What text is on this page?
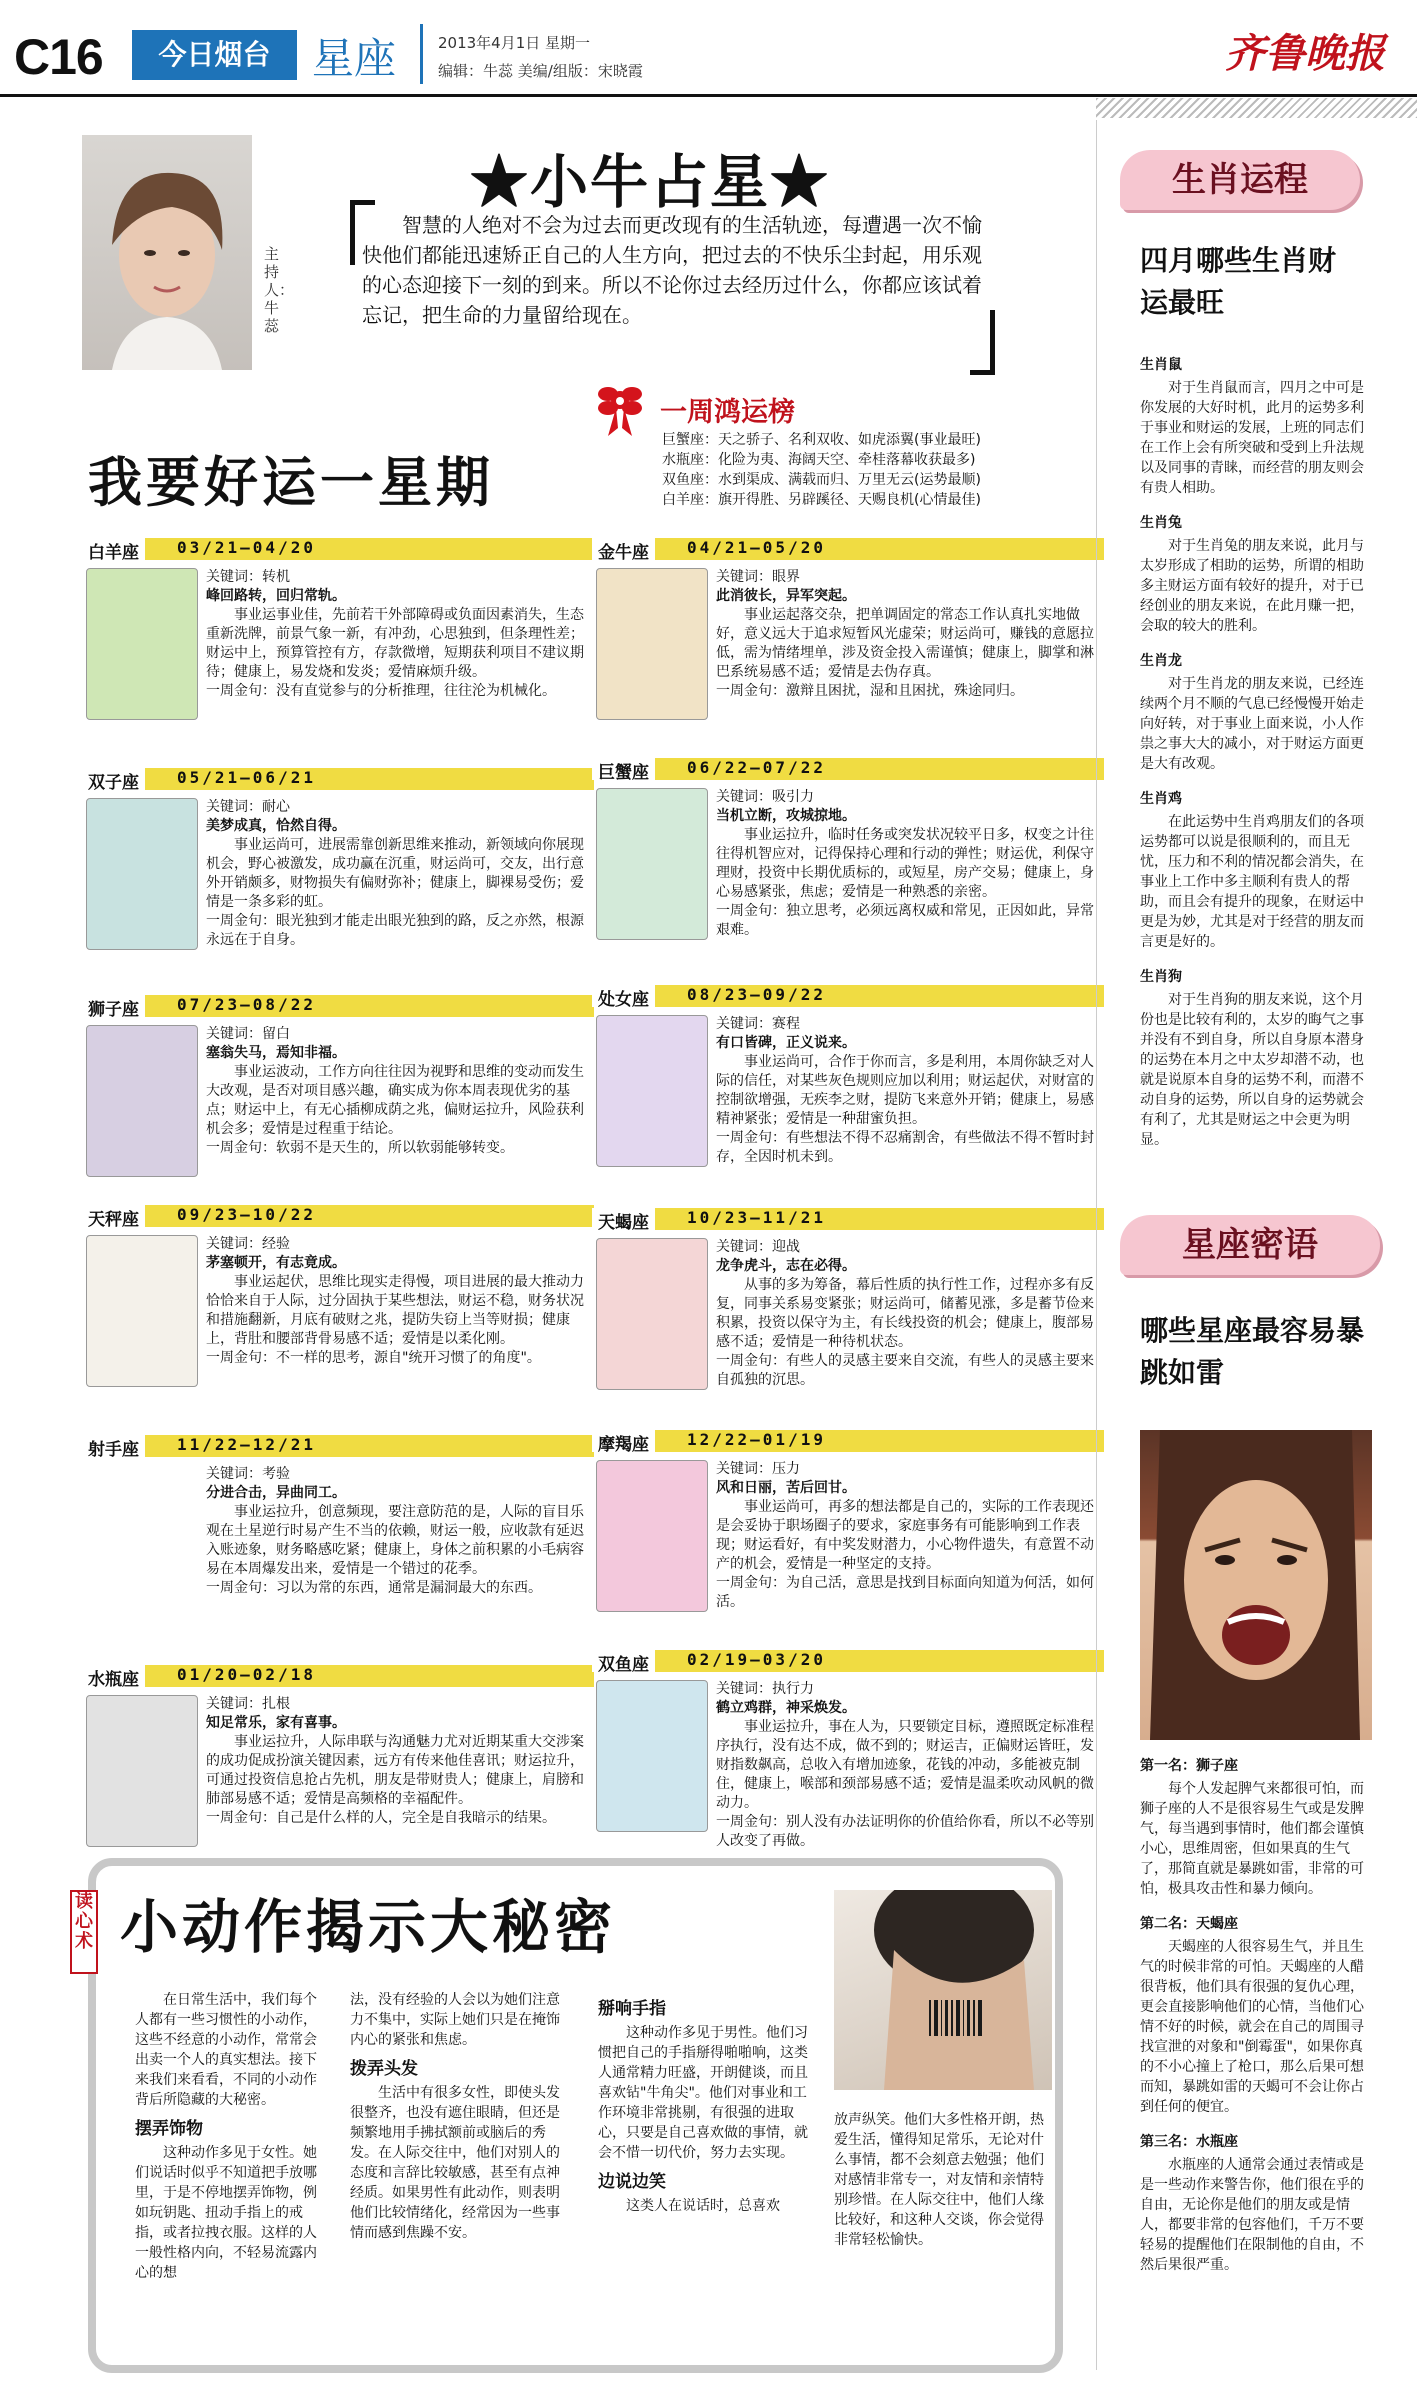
C16	今日烟台 星座	2013年4月1日 星期一
编辑：牛蕊 美编/组版：宋晓霞	齐鲁晚报
主持人：牛蕊
★小牛占星★
智慧的人绝对不会为过去而更改现有的生活轨迹，每遭遇一次不愉快他们都能迅速矫正自己的人生方向，把过去的不快乐尘封起，用乐观的心态迎接下一刻的到来。所以不论你过去经历过什么，你都应该试着忘记，把生命的力量留给现在。
一周鸿运榜
巨蟹座：天之骄子、名利双收、如虎添翼(事业最旺)
水瓶座：化险为夷、海阔天空、牵桂落幕收获最多)
双鱼座：水到渠成、满载而归、万里无云(运势最顺)
白羊座：旗开得胜、另辟蹊径、天赐良机(心情最佳)
我要好运一星期
白羊座	03/21—04/20

关键词：转机

峰回路转，回归常轨。

事业运事业佳，先前若干外部障碍或负面因素消失，生态重新洗牌，前景气象一新，有冲劲，心思独到，但条理性差；财运中上，预算管控有方，存款微增，短期获利项目不建议期待；健康上，易发烧和发炎；爱情麻烦升级。

一周金句：没有直觉参与的分析推理，往往沦为机械化。

双子座	05/21—06/21

关键词：耐心

美梦成真，恰然自得。

事业运尚可，进展需靠创新思维来推动，新领域向你展现机会，野心被激发，成功赢在沉重，财运尚可，交友，出行意外开销颇多，财物损失有偏财弥补；健康上，脚裸易受伤；爱情是一条多彩的虹。

一周金句：眼光独到才能走出眼光独到的路，反之亦然，根源永远在于自身。

狮子座	07/23—08/22

关键词：留白

塞翁失马，焉知非福。

事业运波动，工作方向往往因为视野和思维的变动而发生大改观，是否对项目感兴趣，确实成为你本周表现优劣的基点；财运中上，有无心插柳成荫之兆，偏财运拉升，风险获利机会多；爱情是过程重于结论。

一周金句：软弱不是天生的，所以软弱能够转变。

天秤座	09/23—10/22

关键词：经验

茅塞顿开，有志竟成。

事业运起伏，思维比现实走得慢，项目进展的最大推动力恰恰来自于人际，过分固执于某些想法，财运不稳，财务状况和措施翻新，月底有破财之兆，提防失窃上当等财损；健康上，背肚和腰部背骨易感不适；爱情是以柔化刚。

一周金句：不一样的思考，源自"统开习惯了的角度"。

射手座	11/22—12/21

关键词：考验

分进合击，异曲同工。

事业运拉升，创意频现，要注意防范的是，人际的盲目乐观在土星逆行时易产生不当的依赖，财运一般，应收款有延迟入账迹象，财务略感吃紧；健康上，身体之前积累的小毛病容易在本周爆发出来，爱情是一个错过的花季。

一周金句：习以为常的东西，通常是漏洞最大的东西。

水瓶座	01/20—02/18

关键词：扎根

知足常乐，家有喜事。

事业运拉升，人际串联与沟通魅力尤对近期某重大交涉案的成功促成扮演关键因素，远方有传来他佳喜讯；财运拉升，可通过投资信息抢占先机，朋友是带财贵人；健康上，肩膀和肺部易感不适；爱情是高频格的幸福配件。

一周金句：自己是什么样的人，完全是自我暗示的结果。

金牛座	04/21—05/20

关键词：眼界

此消彼长，异军突起。

事业运起落交杂，把单调固定的常态工作认真扎实地做好，意义远大于追求短暂风光虚荣；财运尚可，赚钱的意愿拉低，需为情绪埋单，涉及资金投入需谨慎；健康上，脚掌和淋巴系统易感不适；爱情是去伪存真。

一周金句：激辩且困扰，湿和且困扰，殊途同归。

巨蟹座	06/22—07/22

关键词：吸引力

当机立断，攻城掠地。

事业运拉升，临时任务或突发状况较平日多，权变之计往往得机智应对，记得保持心理和行动的弹性；财运优，利保守理财，投资中长期优质标的，或短星，房产交易；健康上，身心易感紧张，焦虑；爱情是一种熟悉的亲密。

一周金句：独立思考，必须远离权威和常见，正因如此，异常艰难。

处女座	08/23—09/22

关键词：赛程

有口皆碑，正义说来。

事业运尚可，合作于你而言，多是利用，本周你缺乏对人际的信任，对某些灰色规则应加以利用；财运起伏，对财富的控制欲增强，无疾李之财，提防飞来意外开销；健康上，易感精神紧张；爱情是一种甜蜜负担。

一周金句：有些想法不得不忍痛割舍，有些做法不得不暂时封存，全因时机未到。

天蝎座	10/23—11/21

关键词：迎战

龙争虎斗，志在必得。

从事的多为筹备，幕后性质的执行性工作，过程亦多有反复，同事关系易变紧张；财运尚可，储蓄见涨，多是蓄节俭来积累，投资以保守为主，有长线投资的机会；健康上，腹部易感不适；爱情是一种待机状态。

一周金句：有些人的灵感主要来自交流，有些人的灵感主要来自孤独的沉思。

摩羯座	12/22—01/19

关键词：压力

风和日丽，苦后回甘。

事业运尚可，再多的想法都是自己的，实际的工作表现还是会妥协于职场圈子的要求，家庭事务有可能影响到工作表现；财运看好，有中奖发财潜力，小心物件遗失，有意置不动产的机会，爱情是一种坚定的支持。

一周金句：为自己活，意思是找到目标面向知道为何活，如何活。

双鱼座	02/19—03/20

关键词：执行力

鹤立鸡群，神采焕发。

事业运拉升，事在人为，只要锁定目标，遵照既定标准程序执行，没有达不成，做不到的；财运吉，正偏财运皆旺，发财指数飙高，总收入有增加迹象，花钱的冲动，多能被克制住，健康上，喉部和颈部易感不适；爱情是温柔吹动风帆的微动力。

一周金句：别人没有办法证明你的价值给你看，所以不必等别人改变了再做。

读心术 小动作揭示大秘密

在日常生活中，我们每个人都有一些习惯性的小动作，这些不经意的小动作，常常会出卖一个人的真实想法。接下来我们来看看，不同的小动作背后所隐藏的大秘密。

摆弄饰物

这种动作多见于女性。她们说话时似乎不知道把手放哪里，于是不停地摆弄饰物，例如玩钥匙、扭动手指上的戒指，或者拉拽衣服。这样的人一般性格内向，不轻易流露内心的想

法，没有经验的人会以为她们注意力不集中，实际上她们只是在掩饰内心的紧张和焦虑。

拨弄头发

生活中有很多女性，即使头发很整齐，也没有遮住眼睛，但还是频繁地用手拂拭额前或脑后的秀发。在人际交往中，他们对别人的态度和言辞比较敏感，甚至有点神经质。如果男性有此动作，则表明他们比较情绪化，经常因为一些事情而感到焦躁不安。

掰响手指

这种动作多见于男性。他们习惯把自己的手指掰得啪啪响，这类人通常精力旺盛，开朗健谈，而且喜欢钻"牛角尖"。他们对事业和工作环境非常挑剔，有很强的进取心，只要是自己喜欢做的事情，就会不惜一切代价，努力去实现。

边说边笑

这类人在说话时，总喜欢

放声纵笑。他们大多性格开朗，热爱生活，懂得知足常乐，无论对什么事情，都不会刻意去勉强；他们对感情非常专一，对友情和亲情特别珍惜。在人际交往中，他们人缘比较好，和这种人交谈，你会觉得非常轻松愉快。

生肖运程
四月哪些生肖财运最旺
生肖鼠

对于生肖鼠而言，四月之中可是你发展的大好时机，此月的运势多利于事业和财运的发展，上班的同志们在工作上会有所突破和受到上升法规以及同事的青睐，而经营的朋友则会有贵人相助。

生肖兔

对于生肖兔的朋友来说，此月与太岁形成了相助的运势，所谓的相助多主财运方面有较好的提升，对于已经创业的朋友来说，在此月赚一把，会取的较大的胜利。

生肖龙

对于生肖龙的朋友来说，已经连续两个月不顺的气息已经慢慢开始走向好转，对于事业上面来说，小人作祟之事大大的减小，对于财运方面更是大有改观。

生肖鸡

在此运势中生肖鸡朋友们的各项运势都可以说是很顺利的，而且无忧，压力和不利的情况都会消失，在事业上工作中多主顺利有贵人的帮助，而且会有提升的现象，在财运中更是为妙，尤其是对于经营的朋友而言更是好的。

生肖狗

对于生肖狗的朋友来说，这个月份也是比较有利的，太岁的晦气之事并没有不到自身，所以自身原本潜身的运势在本月之中太岁却潜不动，也就是说原本自身的运势不利，而潜不动自身的运势，所以自身的运势就会有利了，尤其是财运之中会更为明显。

星座密语
哪些星座最容易暴跳如雷
第一名：狮子座

每个人发起脾气来都很可怕，而狮子座的人不是很容易生气或是发脾气，每当遇到事情时，他们都会谨慎小心，思维周密，但如果真的生气了，那简直就是暴跳如雷，非常的可怕，极具攻击性和暴力倾向。

第二名：天蝎座

天蝎座的人很容易生气，并且生气的时候非常的可怕。天蝎座的人醋很背板，他们具有很强的复仇心理，更会直接影响他们的心情，当他们心情不好的时候，就会在自己的周围寻找宣泄的对象和"倒霉蛋"，如果你真的不小心撞上了枪口，那么后果可想而知，暴跳如雷的天蝎可不会让你占到任何的便宜。

第三名：水瓶座

水瓶座的人通常会通过表情或是是一些动作来警告你，他们很在乎的自由，无论你是他们的朋友或是情人，都要非常的包容他们，千万不要轻易的提醒他们在限制他的自由，不然后果很严重。
